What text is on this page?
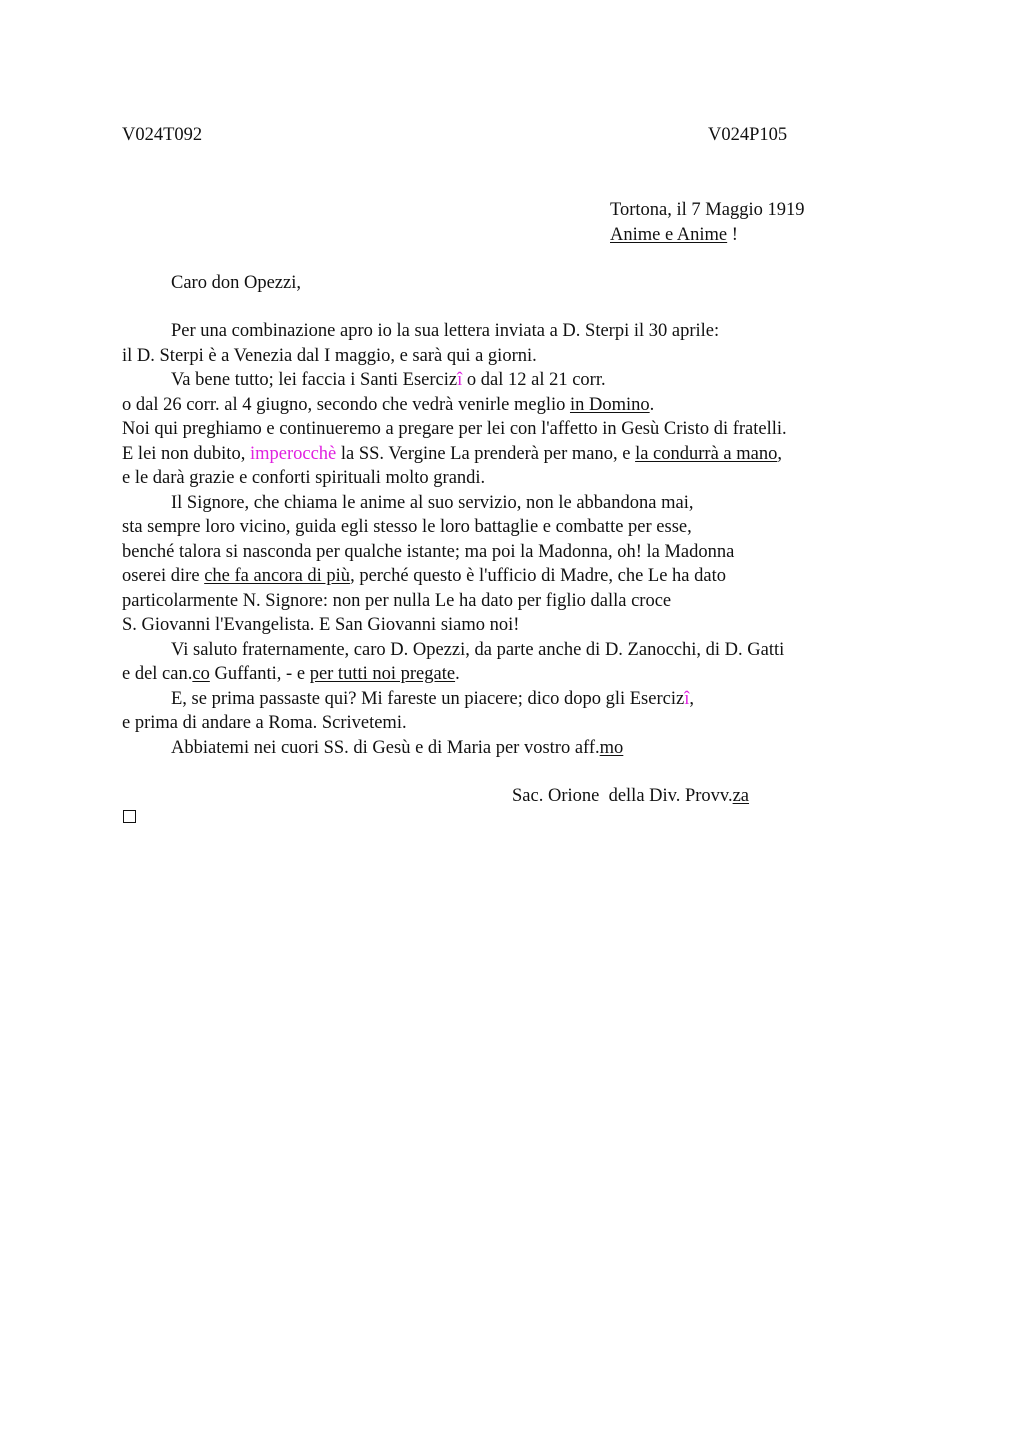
V024T092	V024P105
Tortona, il 7 Maggio 1919
Anime e Anime !
Caro don Opezzi,
Per una combinazione apro io la sua lettera inviata a D. Sterpi il 30 aprile:
il D. Sterpi è a Venezia dal I maggio, e sarà qui a giorni.
Va bene tutto; lei faccia i Santi Esercizî o dal 12 al 21 corr.
o dal 26 corr. al 4 giugno, secondo che vedrà venirle meglio in Domino.
Noi qui preghiamo e continueremo a pregare per lei con l'affetto in Gesù Cristo di fratelli.
E lei non dubito, imperocchè la SS. Vergine La prenderà per mano, e la condurrà a mano,
e le darà grazie e conforti spirituali molto grandi.
Il Signore, che chiama le anime al suo servizio, non le abbandona mai,
sta sempre loro vicino, guida egli stesso le loro battaglie e combatte per esse,
benché talora si nasconda per qualche istante; ma poi la Madonna, oh! la Madonna
oserei dire che fa ancora di più, perché questo è l'ufficio di Madre, che Le ha dato
particolarmente N. Signore: non per nulla Le ha dato per figlio dalla croce
S. Giovanni l'Evangelista. E San Giovanni siamo noi!
Vi saluto fraternamente, caro D. Opezzi, da parte anche di D. Zanocchi, di D. Gatti
e del can.co Guffanti, - e per tutti noi pregate.
E, se prima passaste qui? Mi fareste un piacere; dico dopo gli Esercizî,
e prima di andare a Roma. Scrivetemi.
Abbiatemi nei cuori SS. di Gesù e di Maria per vostro aff.mo
Sac. Orione  della Div. Provv.za
